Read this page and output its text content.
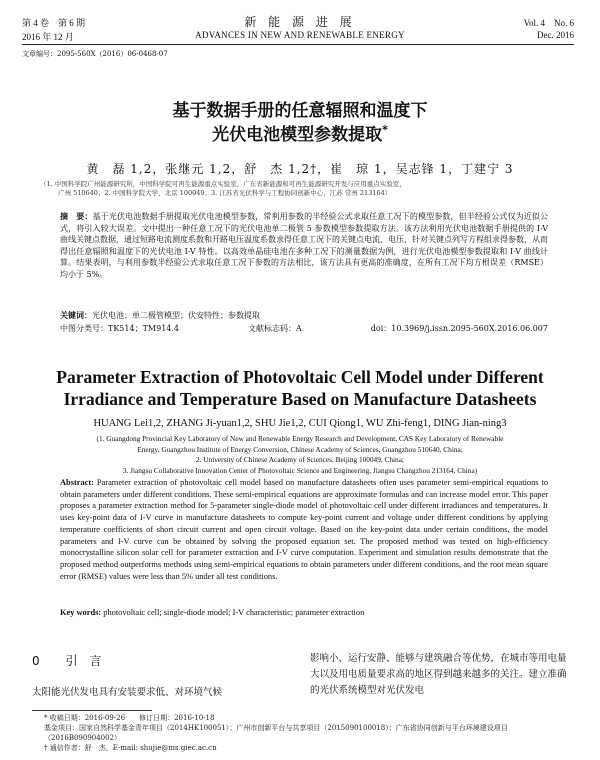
第 4 卷　第 6 期
2016 年 12 月
新 能 源 进 展
ADVANCES IN NEW AND RENEWABLE ENERGY
Vol. 4　No. 6
Dec. 2016
文章编号：2095-560X（2016）06-0468-07
基于数据手册的任意辐照和温度下
光伏电池模型参数提取*
黄　磊 1,2，张继元 1,2，舒　杰 1,2†，崔　琼 1，吴志锋 1，丁建宁 3
（1. 中国科学院广州能源研究所，中国科学院可再生能源重点实验室，广东省新能源和可再生能源研究开发与应用重点实验室，
广州 510640；2. 中国科学院大学，北京 100049；3. 江苏省光伏科学与工程协同创新中心，江苏 常州 213164）
摘　要：基于光伏电池数据手册提取光伏电池模型参数，常利用参数的半经验公式求取任意工况下的模型参数，但半经验公式仅为近似公式，将引入较大误差。文中提出一种任意工况下的光伏电池单二极管 5 参数模型参数提取方法。该方法利用光伏电池数据手册提供的 I-V 曲线关键点数据，通过短路电流测度系数和开路电压温度系数求得任意工况下的关键点电流、电压，针对关键点列写方程组求得参数，从而得出任意辐照和温度下的光伏电池 I-V 特性。以高效单晶硅电池在多种工况下的测量数据为例，进行光伏电池模型参数提取和 I-V 曲线计算。结果表明，与利用参数半经验公式求取任意工况下参数的方法相比，该方法具有更高的准确度，在所有工况下均方根误差（RMSE）均小于 5%。
关键词：光伏电池；单二极管模型；伏安特性；参数提取
中图分类号：TK514；TM914.4	文献标志码：A	doi：10.3969/j.issn.2095-560X.2016.06.007
Parameter Extraction of Photovoltaic Cell Model under Different
Irradiance and Temperature Based on Manufacture Datasheets
HUANG Lei1,2, ZHANG Ji-yuan1,2, SHU Jie1,2, CUI Qiong1, WU Zhi-feng1, DING Jian-ning3
(1. Guangdong Provincial Key Laboratory of New and Renewable Energy Research and Development, CAS Key Laboratory of Renewable
Energy, Guangzhou Institute of Energy Conversion, Chinese Academy of Sciences, Guangzhou 510640, China;
2. University of Chinese Academy of Sciences, Beijing 100049, China;
3. Jiangsu Collaborative Innovation Center of Photovoltaic Science and Engineering, Jiangsu Changzhou 213164, China)
Abstract: Parameter extraction of photovoltaic cell model based on manufacture datasheets often uses parameter semi-empirical equations to obtain parameters under different conditions. These semi-empirical equations are approximate formulas and can increase model error. This paper proposes a parameter extraction method for 5-parameter single-diode model of photovoltaic cell under different irradiances and temperatures. It uses key-point data of I-V curve in manufacture datasheets to compute key-point current and voltage under different conditions by applying temperature coefficients of short circuit current and open circuit voltage. Based on the key-point data under certain conditions, the model parameters and I-V curve can be obtained by solving the proposed equation set. The proposed method was tested on high-efficiency monocrystalline silicon solar cell for parameter extraction and I-V curve computation. Experiment and simulation results demonstrate that the proposed method outperforms methods using semi-empirical equations to obtain parameters under different conditions, and the root mean square error (RMSE) values were less than 5% under all test conditions.
Key words: photovoltaic cell; single-diode model; I-V characteristic; parameter extraction
0 引　言
太阳能光伏发电具有安装要求低、对环境气候
影响小、运行安静、能够与建筑融合等优势，在城市等用电量大以及用电质量要求高的地区得到越来越多的关注。建立准确的光伏系统模型对光伏发电
* 收稿日期：2016-09-26　　修订日期：2016-10-18
基金项目：国家自然科学基金青年项目（2014HK100051）；广州市创新平台与共享项目（2015090100018）；广东省协同创新与平台环境建设项目（2016B090904002）
† 通信作者：舒　杰，E-mail: shujie@ms.giec.ac.cn
